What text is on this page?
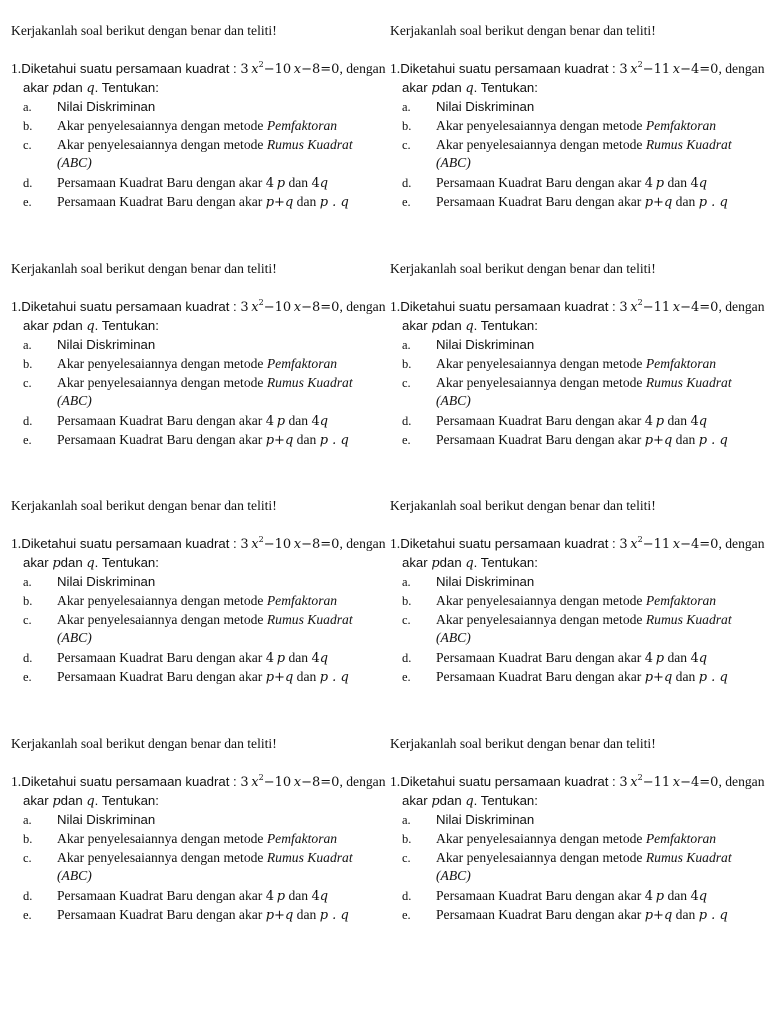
Kerjakanlah soal berikut dengan benar dan teliti!
1.Diketahui suatu persamaan kuadrat : 3  $x^2-10$  x−8=0, dengan
akar pdan q. Tentukan:
a.	Nilai Diskriminan
b.	Akar penyelesaiannya dengan metode Pemfaktoran
c.	Akar penyelesaiannya dengan metode Rumus Kuadrat
(ABC)
d.	Persamaan Kuadrat Baru dengan akar 4  p dan 4q
e.	Persamaan Kuadrat Baru dengan akar p+q dan p . q
Kerjakanlah soal berikut dengan benar dan teliti!
1.Diketahui suatu persamaan kuadrat : 3  $x^2-11$  x−4=0, dengan
akar pdan q. Tentukan:
a.	Nilai Diskriminan
b.	Akar penyelesaiannya dengan metode Pemfaktoran
c.	Akar penyelesaiannya dengan metode Rumus Kuadrat
(ABC)
d.	Persamaan Kuadrat Baru dengan akar 4  p dan 4q
e.	Persamaan Kuadrat Baru dengan akar p+q dan p . q
Kerjakanlah soal berikut dengan benar dan teliti!
1.Diketahui suatu persamaan kuadrat : 3  $x^2-10$  x−8=0, dengan
akar pdan q. Tentukan:
a.	Nilai Diskriminan
b.	Akar penyelesaiannya dengan metode Pemfaktoran
c.	Akar penyelesaiannya dengan metode Rumus Kuadrat
(ABC)
d.	Persamaan Kuadrat Baru dengan akar 4  p dan 4q
e.	Persamaan Kuadrat Baru dengan akar p+q dan p . q
Kerjakanlah soal berikut dengan benar dan teliti!
1.Diketahui suatu persamaan kuadrat : 3  $x^2-11$  x−4=0, dengan
akar pdan q. Tentukan:
a.	Nilai Diskriminan
b.	Akar penyelesaiannya dengan metode Pemfaktoran
c.	Akar penyelesaiannya dengan metode Rumus Kuadrat
(ABC)
d.	Persamaan Kuadrat Baru dengan akar 4  p dan 4q
e.	Persamaan Kuadrat Baru dengan akar p+q dan p . q
Kerjakanlah soal berikut dengan benar dan teliti!
1.Diketahui suatu persamaan kuadrat : 3  $x^2-10$  x−8=0, dengan
akar pdan q. Tentukan:
a.	Nilai Diskriminan
b.	Akar penyelesaiannya dengan metode Pemfaktoran
c.	Akar penyelesaiannya dengan metode Rumus Kuadrat
(ABC)
d.	Persamaan Kuadrat Baru dengan akar 4  p dan 4q
e.	Persamaan Kuadrat Baru dengan akar p+q dan p . q
Kerjakanlah soal berikut dengan benar dan teliti!
1.Diketahui suatu persamaan kuadrat : 3  $x^2-11$  x−4=0, dengan
akar pdan q. Tentukan:
a.	Nilai Diskriminan
b.	Akar penyelesaiannya dengan metode Pemfaktoran
c.	Akar penyelesaiannya dengan metode Rumus Kuadrat
(ABC)
d.	Persamaan Kuadrat Baru dengan akar 4  p dan 4q
e.	Persamaan Kuadrat Baru dengan akar p+q dan p . q
Kerjakanlah soal berikut dengan benar dan teliti!
1.Diketahui suatu persamaan kuadrat : 3  $x^2-10$  x−8=0, dengan
akar pdan q. Tentukan:
a.	Nilai Diskriminan
b.	Akar penyelesaiannya dengan metode Pemfaktoran
c.	Akar penyelesaiannya dengan metode Rumus Kuadrat
(ABC)
d.	Persamaan Kuadrat Baru dengan akar 4  p dan 4q
e.	Persamaan Kuadrat Baru dengan akar p+q dan p . q
Kerjakanlah soal berikut dengan benar dan teliti!
1.Diketahui suatu persamaan kuadrat : 3  $x^2-11$  x−4=0, dengan
akar pdan q. Tentukan:
a.	Nilai Diskriminan
b.	Akar penyelesaiannya dengan metode Pemfaktoran
c.	Akar penyelesaiannya dengan metode Rumus Kuadrat
(ABC)
d.	Persamaan Kuadrat Baru dengan akar 4  p dan 4q
e.	Persamaan Kuadrat Baru dengan akar p+q dan p . q
